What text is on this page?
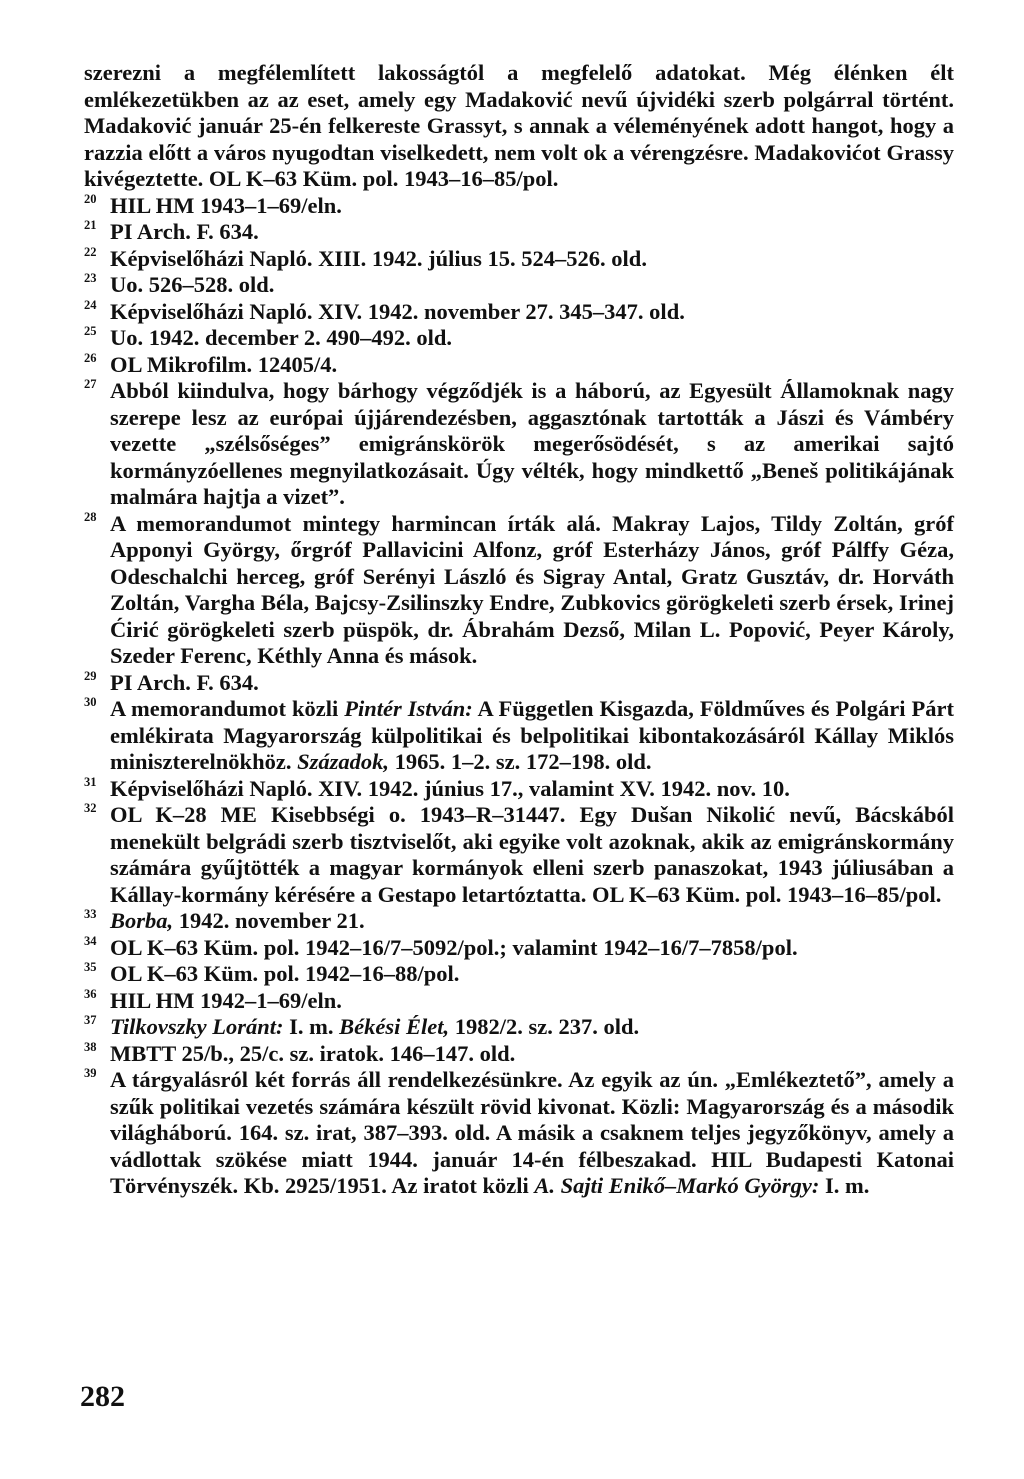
szerezni a megfélemlített lakosságtól a megfelelő adatokat. Még élénken élt emlékezetükben az az eset, amely egy Madaković nevű újvidéki szerb polgárral történt. Madaković január 25-én felkereste Grassyt, s annak a véleményének adott hangot, hogy a razzia előtt a város nyugodtan viselkedett, nem volt ok a vérengzésre. Madakovićot Grassy kivégeztette. OL K–63 Küm. pol. 1943–16–85/pol.

20 HIL HM 1943–1–69/eln.
21 PI Arch. F. 634.
22 Képviselőházi Napló. XIII. 1942. július 15. 524–526. old.
23 Uo. 526–528. old.
24 Képviselőházi Napló. XIV. 1942. november 27. 345–347. old.
25 Uo. 1942. december 2. 490–492. old.
26 OL Mikrofilm. 12405/4.
27 Abból kiindulva, hogy bárhogy végződjék is a háború, az Egyesült Államoknak nagy szerepe lesz az európai újjárendezésben, aggasztónak tartották a Jászi és Vámbéry vezette „szélsőséges” emigránskörök megerősödését, s az amerikai sajtó kormányzóellenes megnyilatkozásait. Úgy vélték, hogy mindkettő „Beneš politikájának malmára hajtja a vizet”.
28 A memorandumot mintegy harmincan írták alá. Makray Lajos, Tildy Zoltán, gróf Apponyi György, őrgróf Pallavicini Alfonz, gróf Esterházy János, gróf Pálffy Géza, Odeschalchi herceg, gróf Serényi László és Sigray Antal, Gratz Gusztáv, dr. Horváth Zoltán, Vargha Béla, Bajcsy-Zsilinszky Endre, Zubkovics görögkeleti szerb érsek, Irinej Ćirić görögkeleti szerb püspök, dr. Ábrahám Dezső, Milan L. Popović, Peyer Károly, Szeder Ferenc, Kéthly Anna és mások.
29 PI Arch. F. 634.
30 A memorandumot közli Pintér István: A Független Kisgazda, Földműves és Polgári Párt emlékirata Magyarország külpolitikai és belpolitikai kibontakozásáról Kállay Miklós miniszterelnökhöz. Századok, 1965. 1–2. sz. 172–198. old.
31 Képviselőházi Napló. XIV. 1942. június 17., valamint XV. 1942. nov. 10.
32 OL K–28 ME Kisebbségi o. 1943–R–31447. Egy Dušan Nikolić nevű, Bácskából menekült belgrádi szerb tisztviselőt, aki egyike volt azoknak, akik az emigránskormány számára gyűjtötték a magyar kormányok elleni szerb panaszokat, 1943 júliusában a Kállay-kormány kérésére a Gestapo letartóztatta. OL K–63 Küm. pol. 1943–16–85/pol.
33 Borba, 1942. november 21.
34 OL K–63 Küm. pol. 1942–16/7–5092/pol.; valamint 1942–16/7–7858/pol.
35 OL K–63 Küm. pol. 1942–16–88/pol.
36 HIL HM 1942–1–69/eln.
37 Tilkovszky Loránt: I. m. Békési Élet, 1982/2. sz. 237. old.
38 MBTT 25/b., 25/c. sz. iratok. 146–147. old.
39 A tárgyalásról két forrás áll rendelkezésünkre. Az egyik az ún. „Emlékeztető”, amely a szűk politikai vezetés számára készült rövid kivonat. Közli: Magyarország és a második világháború. 164. sz. irat, 387–393. old. A másik a csaknem teljes jegyzőkönyv, amely a vádlottak szökése miatt 1944. január 14-én félbeszakad. HIL Budapesti Katonai Törvényszék. Kb. 2925/1951. Az iratot közli A. Sajti Enikő–Markó György: I. m.
282
